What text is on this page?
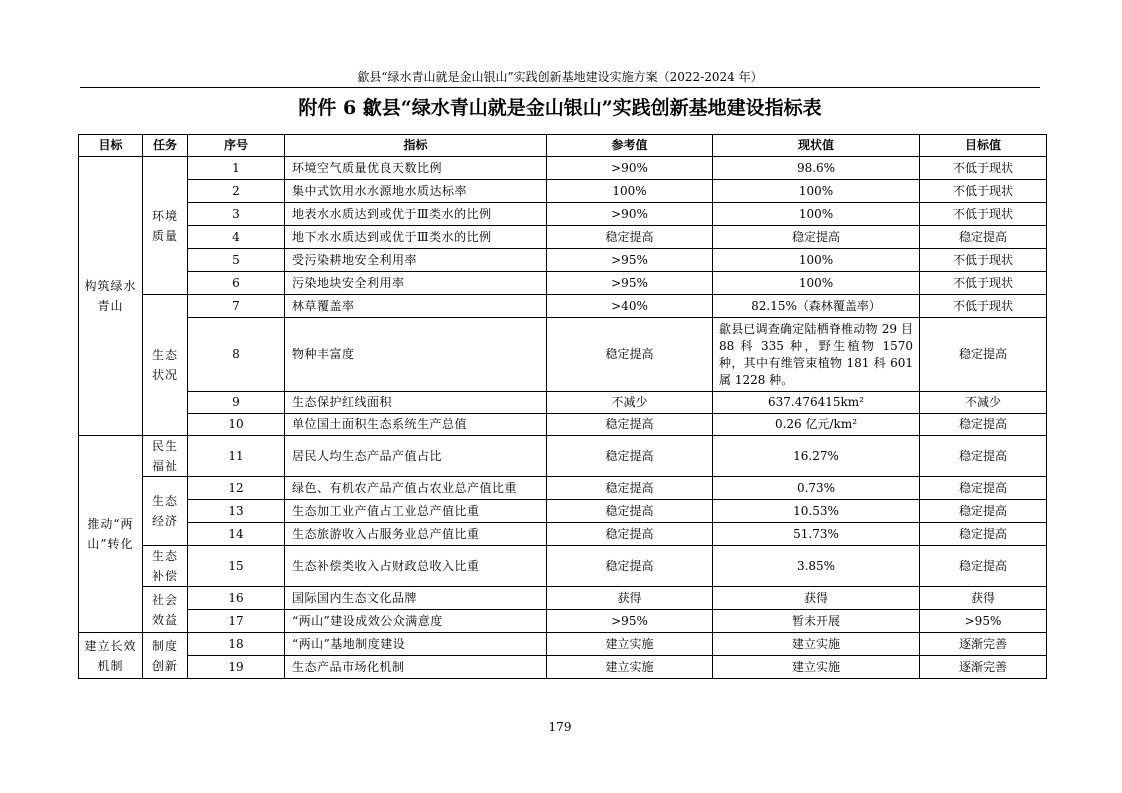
歙县“绿水青山就是金山银山”实践创新基地建设实施方案（2022-2024 年）
附件 6 歙县“绿水青山就是金山银山”实践创新基地建设指标表
目标	任务	序号	指标	参考值	现状值	目标值
构筑绿水青山	环境质量	1	环境空气质量优良天数比例	>90%	98.6%	不低于现状
		2	集中式饮用水水源地水质达标率	100%	100%	不低于现状
		3	地表水水质达到或优于Ⅲ类水的比例	>90%	100%	不低于现状
		4	地下水水质达到或优于Ⅲ类水的比例	稳定提高	稳定提高	稳定提高
		5	受污染耕地安全利用率	>95%	100%	不低于现状
		6	污染地块安全利用率	>95%	100%	不低于现状
	生态状况	7	林草覆盖率	>40%	82.15%（森林覆盖率）	不低于现状
		8	物种丰富度	稳定提高	歙县已调查确定陆栖脊椎动物 29 目 88 科 335 种，野生植物 1570 种，其中有维管束植物 181 科 601 属 1228 种。	稳定提高
		9	生态保护红线面积	不减少	637.476415km²	不减少
		10	单位国土面积生态系统生产总值	稳定提高	0.26 亿元/km²	稳定提高
推动“两山”转化	民生福祉	11	居民人均生态产品产值占比	稳定提高	16.27%	稳定提高
	生态经济	12	绿色、有机农产品产值占农业总产值比重	稳定提高	0.73%	稳定提高
		13	生态加工业产值占工业总产值比重	稳定提高	10.53%	稳定提高
		14	生态旅游收入占服务业总产值比重	稳定提高	51.73%	稳定提高
	生态补偿	15	生态补偿类收入占财政总收入比重	稳定提高	3.85%	稳定提高
	社会效益	16	国际国内生态文化品牌	获得	获得	获得
		17	“两山”建设成效公众满意度	>95%	暂未开展	>95%
建立长效机制	制度创新	18	“两山”基地制度建设	建立实施	建立实施	逐渐完善
		19	生态产品市场化机制	建立实施	建立实施	逐渐完善
179
